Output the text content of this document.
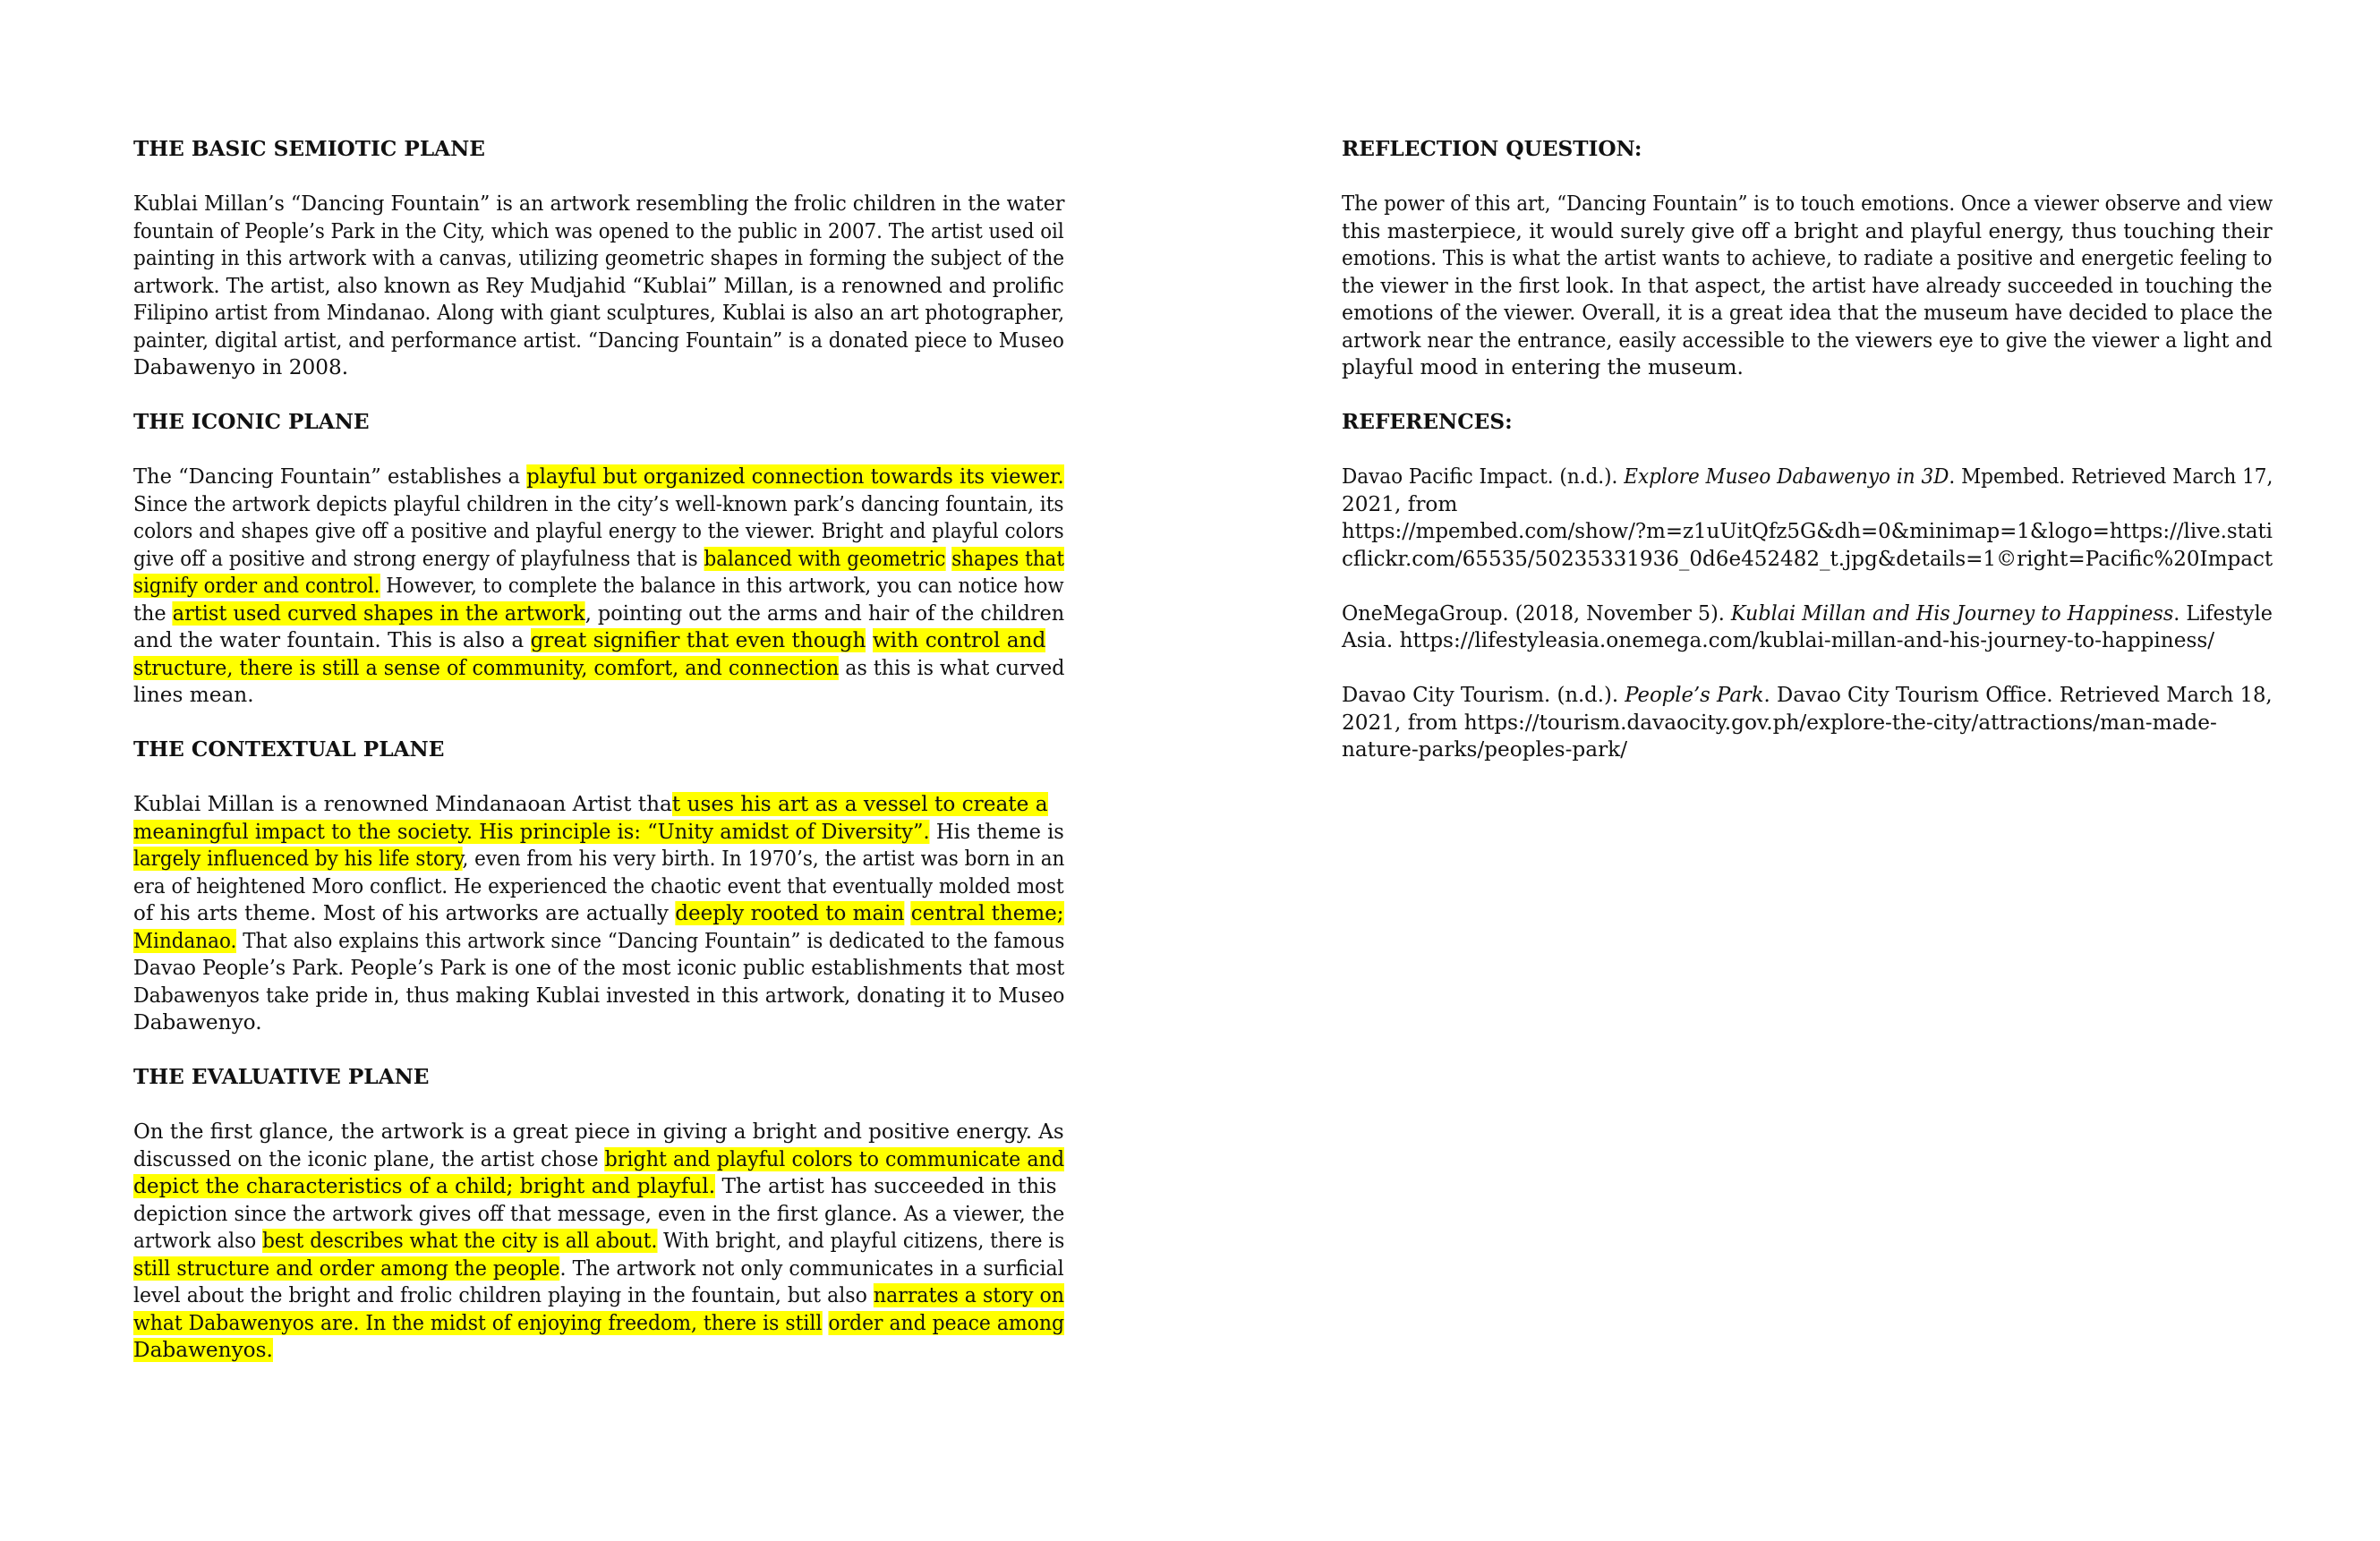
THE BASIC SEMIOTIC PLANE
Kublai Millan’s “Dancing Fountain” is an artwork resembling the frolic children in the water
fountain of People’s Park in the City, which was opened to the public in 2007. The artist used oil
painting in this artwork with a canvas, utilizing geometric shapes in forming the subject of the
artwork. The artist, also known as Rey Mudjahid “Kublai” Millan, is a renowned and prolific
Filipino artist from Mindanao. Along with giant sculptures, Kublai is also an art photographer,
painter, digital artist, and performance artist. “Dancing Fountain” is a donated piece to Museo
Dabawenyo in 2008.
THE ICONIC PLANE
The “Dancing Fountain” establishes a playful but organized connection towards its viewer.
Since the artwork depicts playful children in the city’s well-known park’s dancing fountain, its
colors and shapes give off a positive and playful energy to the viewer. Bright and playful colors
give off a positive and strong energy of playfulness that is balanced with geometric shapes that
signify order and control. However, to complete the balance in this artwork, you can notice how
the artist used curved shapes in the artwork, pointing out the arms and hair of the children
and the water fountain. This is also a great signifier that even though with control and
structure, there is still a sense of community, comfort, and connection as this is what curved
lines mean.
THE CONTEXTUAL PLANE
Kublai Millan is a renowned Mindanaoan Artist that uses his art as a vessel to create a
meaningful impact to the society. His principle is: “Unity amidst of Diversity”. His theme is
largely influenced by his life story, even from his very birth. In 1970’s, the artist was born in an
era of heightened Moro conflict. He experienced the chaotic event that eventually molded most
of his arts theme. Most of his artworks are actually deeply rooted to main central theme;
Mindanao. That also explains this artwork since “Dancing Fountain” is dedicated to the famous
Davao People’s Park. People’s Park is one of the most iconic public establishments that most
Dabawenyos take pride in, thus making Kublai invested in this artwork, donating it to Museo
Dabawenyo.
THE EVALUATIVE PLANE
On the first glance, the artwork is a great piece in giving a bright and positive energy. As
discussed on the iconic plane, the artist chose bright and playful colors to communicate and
depict the characteristics of a child; bright and playful. The artist has succeeded in this
depiction since the artwork gives off that message, even in the first glance. As a viewer, the
artwork also best describes what the city is all about. With bright, and playful citizens, there is
still structure and order among the people. The artwork not only communicates in a surficial
level about the bright and frolic children playing in the fountain, but also narrates a story on
what Dabawenyos are. In the midst of enjoying freedom, there is still order and peace among
Dabawenyos.
REFLECTION QUESTION:
The power of this art, “Dancing Fountain” is to touch emotions. Once a viewer observe and view
this masterpiece, it would surely give off a bright and playful energy, thus touching their
emotions. This is what the artist wants to achieve, to radiate a positive and energetic feeling to
the viewer in the first look. In that aspect, the artist have already succeeded in touching the
emotions of the viewer. Overall, it is a great idea that the museum have decided to place the
artwork near the entrance, easily accessible to the viewers eye to give the viewer a light and
playful mood in entering the museum.
REFERENCES:
Davao Pacific Impact. (n.d.). Explore Museo Dabawenyo in 3D. Mpembed. Retrieved March 17,
2021, from
https://mpembed.com/show/?m=z1uUitQfz5G&dh=0&minimap=1&logo=https://live.stati
cflickr.com/65535/50235331936_0d6e452482_t.jpg&details=1©right=Pacific%20Impact
OneMegaGroup. (2018, November 5). Kublai Millan and His Journey to Happiness. Lifestyle
Asia. https://lifestyleasia.onemega.com/kublai-millan-and-his-journey-to-happiness/
Davao City Tourism. (n.d.). People’s Park. Davao City Tourism Office. Retrieved March 18,
2021, from https://tourism.davaocity.gov.ph/explore-the-city/attractions/man-made-
nature-parks/peoples-park/
